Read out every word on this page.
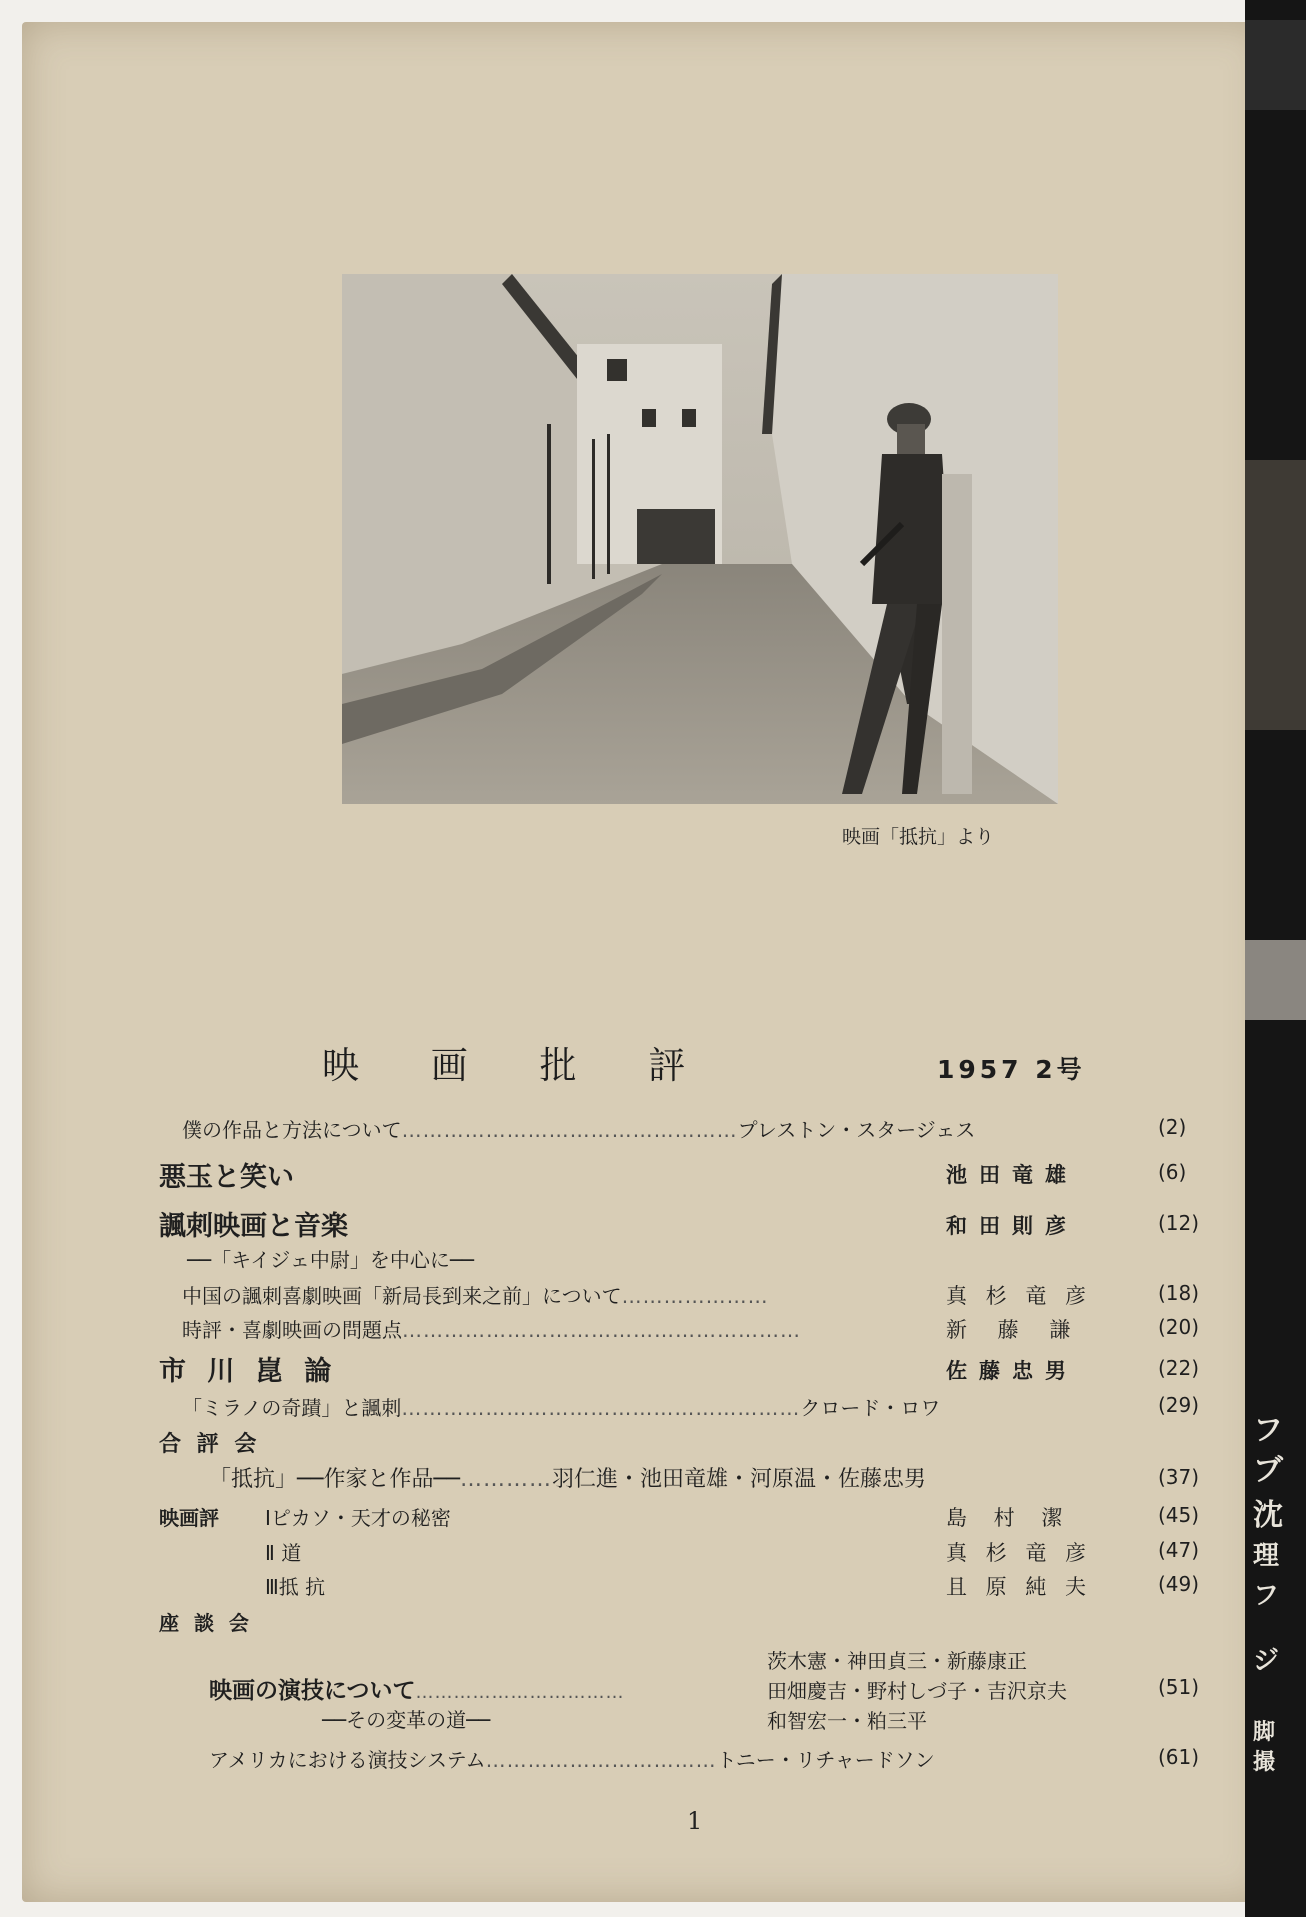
映画「抵抗」より
映 画 批 評	1957 2号
僕の作品と方法について…………………………………………プレストン・スタージェス	(2)
悪玉と笑い	池田竜雄	(6)
諷刺映画と音楽	和田則彦	(12)
──「キイジェ中尉」を中心に──
中国の諷刺喜劇映画「新局長到来之前」について…………………	真 杉 竜 彦	(18)
時評・喜劇映画の問題点…………………………………………………	新 藤 謙	(20)
市 川 崑 論	佐藤忠男	(22)
「ミラノの奇蹟」と諷刺…………………………………………………クロード・ロワ	(29)
合 評 会
「抵抗」──作家と作品──…………羽仁進・池田竜雄・河原温・佐藤忠男	(37)
映画評 Ⅰピカソ・天才の秘密	島 村 潔	(45)
Ⅱ 道	真 杉 竜 彦	(47)
Ⅲ抵 抗	且 原 純 夫	(49)
座 談 会
茨木憲・神田貞三・新藤康正
映画の演技について……………………………	田畑慶吉・野村しづ子・吉沢京夫	(51)
──その変革の道──	和智宏一・粕三平
アメリカにおける演技システム……………………………トニー・リチャードソン	(61)
1
フ
ブ
沈
理
フ
ジ
脚
撮
